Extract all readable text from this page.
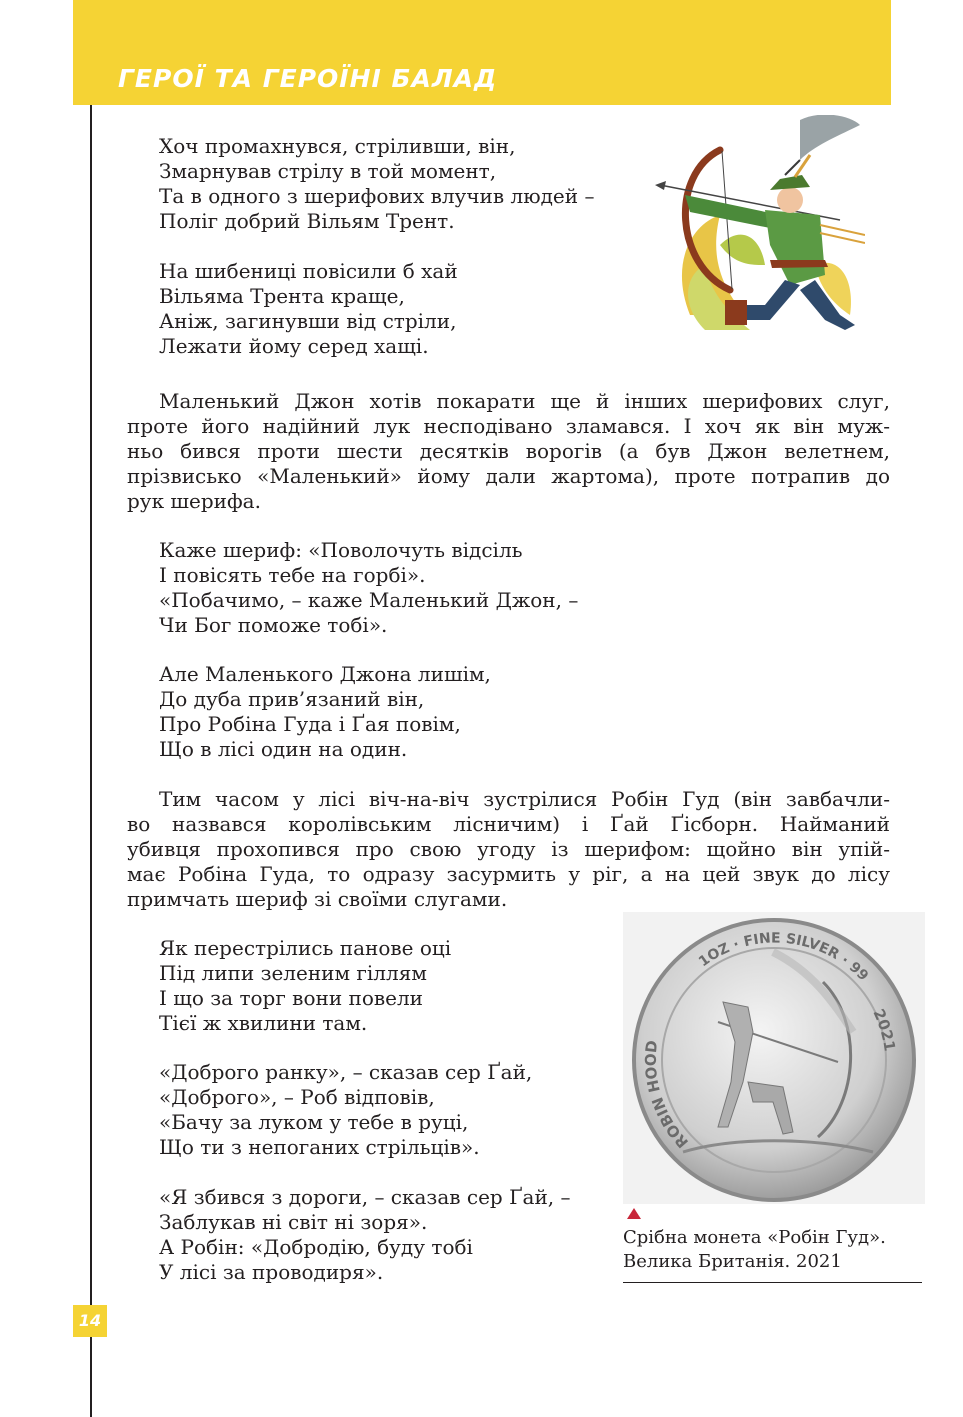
ГЕРОЇ ТА ГЕРОЇНІ БАЛАД
Хоч промахнувся, стріливши, він,
Змарнував стрілу в той момент,
Та в одного з шерифових влучив людей –
Поліг добрий Вільям Трент.
На шибениці повісили б хай
Вільяма Трента краще,
Аніж, загинувши від стріли,
Лежати йому серед хащі.
Маленький Джон хотів покарати ще й інших шерифових слуг,
проте його надійний лук несподівано зламався. І хоч як він муж-
ньо бився проти шести десятків ворогів (а був Джон велетнем,
прізвисько «Маленький» йому дали жартома), проте потрапив до
рук шерифа.
Каже шериф: «Поволочуть відсіль
І повісять тебе на горбі».
«Побачимо, – каже Маленький Джон, –
Чи Бог поможе тобі».
Але Маленького Джона лишім,
До дуба прив’язаний він,
Про Робіна Гуда і Ґая повім,
Що в лісі один на один.
Тим часом у лісі віч-на-віч зустрілися Робін Гуд (він завбачли-
во назвався королівським лісничим) і Ґай Ґісборн. Найманий
убивця прохопився про свою угоду із шерифом: щойно він упій-
має Робіна Гуда, то одразу засурмить у ріг, а на цей звук до лісу
примчать шериф зі своїми слугами.
Як перестрілись панове оці
Під липи зеленим гіллям
І що за торг вони повели
Тієї ж хвилини там.
«Доброго ранку», – сказав сер Ґай,
«Доброго», – Роб відповів,
«Бачу за луком у тебе в руці,
Що ти з непоганих стрільців».
«Я збився з дороги, – сказав сер Ґай, –
Заблукав ні світ ні зоря».
А Робін: «Добродію, буду тобі
У лісі за проводиря».
ROBIN HOOD
1OZ · FINE SILVER · 99
2021
Срібна монета «Робін Гуд».
Велика Британія. 2021
14
